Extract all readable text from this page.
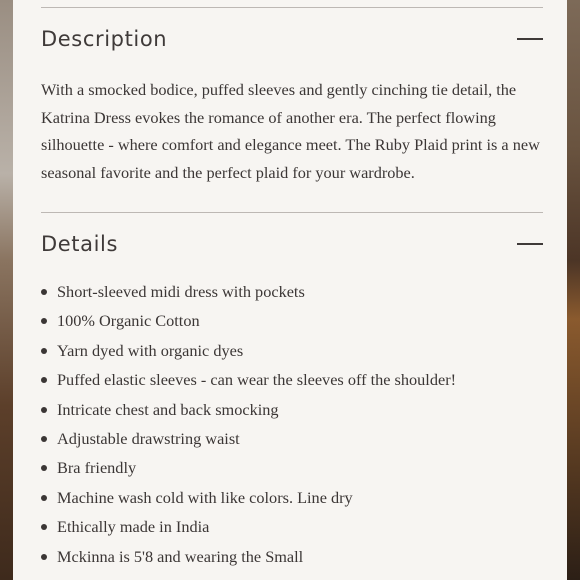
Description

With a smocked bodice, puffed sleeves and gently cinching tie detail, the Katrina Dress evokes the romance of another era. The perfect flowing silhouette - where comfort and elegance meet. The Ruby Plaid print is a new seasonal favorite and the perfect plaid for your wardrobe.

Details
Short-sleeved midi dress with pockets
100% Organic Cotton
Yarn dyed with organic dyes
Puffed elastic sleeves - can wear the sleeves off the shoulder!
Intricate chest and back smocking
Adjustable drawstring waist
Bra friendly
Machine wash cold with like colors. Line dry
Ethically made in India
Mckinna is 5'8 and wearing the Small
